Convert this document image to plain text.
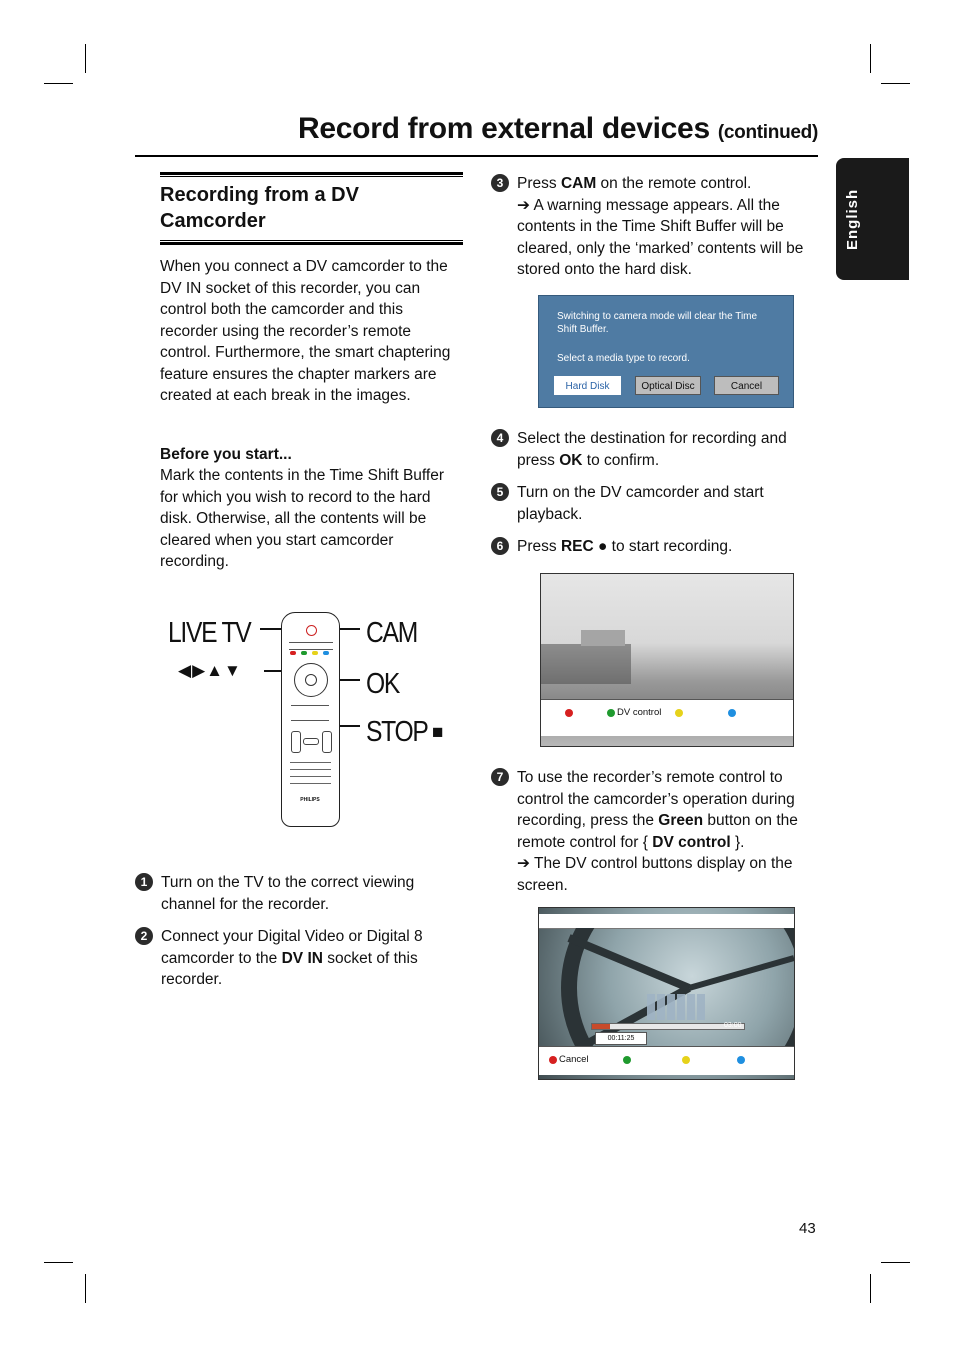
Record from external devices (continued)
English
Recording from a DV Camcorder
When you connect a DV camcorder to the DV IN socket of this recorder, you can control both the camcorder and this recorder using the recorder’s remote control. Furthermore, the smart chaptering feature ensures the chapter markers are created at each break in the images.
Before you start...
Mark the contents in the Time Shift Buffer for which you wish to record to the hard disk. Otherwise, all the contents will be cleared when you start camcorder recording.
LIVE TV
◀▶▲▼
CAM
OK
STOP ■
PHILIPS
1 Turn on the TV to the correct viewing channel for the recorder.
2 Connect your Digital Video or Digital 8 camcorder to the DV IN socket of this recorder.
3 Press CAM on the remote control.
➔ A warning message appears. All the contents in the Time Shift Buffer will be cleared, only the ‘marked’ contents will be stored onto the hard disk.
Switching to camera mode will clear the Time Shift Buffer.
Select a media type to record.
Hard Disk	Optical Disc	Cancel
4 Select the destination for recording and press OK to confirm.
5 Turn on the DV camcorder and start playback.
6 Press REC ● to start recording.
DV control
7 To use the recorder’s remote control to control the camcorder’s operation during recording, press the Green button on the remote control for { DV control }.
➔ The DV control buttons display on the screen.
03:00
00:11:25
Cancel
43
